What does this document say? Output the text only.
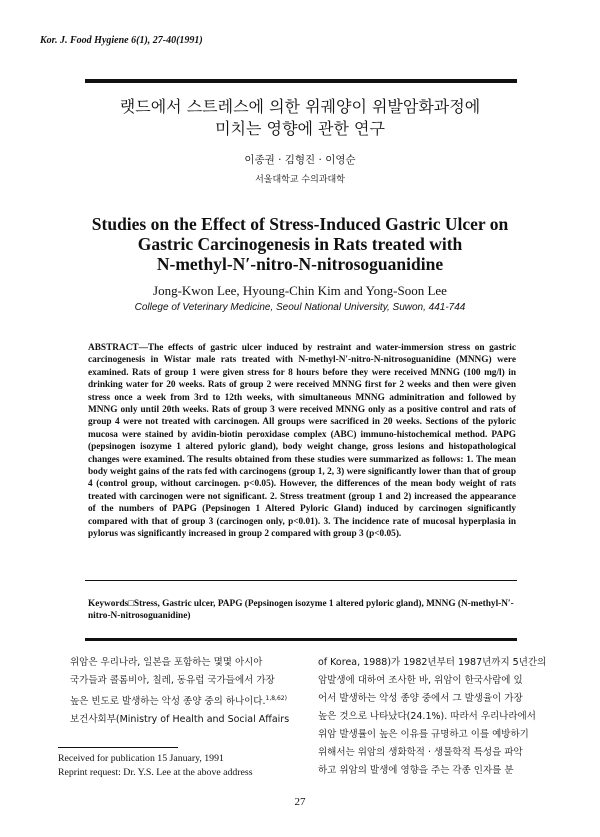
Kor. J. Food Hygiene 6(1), 27-40(1991)
랫드에서 스트레스에 의한 위궤양이 위발암화과정에
미치는 영향에 관한 연구
이종권 · 김형진 · 이영순
서울대학교 수의과대학
Studies on the Effect of Stress-Induced Gastric Ulcer on
Gastric Carcinogenesis in Rats treated with
N-methyl-N′-nitro-N-nitrosoguanidine
Jong-Kwon Lee, Hyoung-Chin Kim and Yong-Soon Lee
College of Veterinary Medicine, Seoul National University, Suwon, 441-744
ABSTRACT—The effects of gastric ulcer induced by restraint and water-immersion stress on gastric carcinogenesis in Wistar male rats treated with N-methyl-N′-nitro-N-nitrosoguanidine (MNNG) were examined. Rats of group 1 were given stress for 8 hours before they were received MNNG (100 mg/l) in drinking water for 20 weeks. Rats of group 2 were received MNNG first for 2 weeks and then were given stress once a week from 3rd to 12th weeks, with simultaneous MNNG adminitration and followed by MNNG only until 20th weeks. Rats of group 3 were received MNNG only as a positive control and rats of group 4 were not treated with carcinogen. All groups were sacrificed in 20 weeks. Sections of the pyloric mucosa were stained by avidin-biotin peroxidase complex (ABC) immuno-histochemical method. PAPG (pepsinogen isozyme 1 altered pyloric gland), body weight change, gross lesions and histopathological changes were examined. The results obtained from these studies were summarized as follows: 1. The mean body weight gains of the rats fed with carcinogens (group 1, 2, 3) were significantly lower than that of group 4 (control group, without carcinogen. p<0.05). However, the differences of the mean body weight of rats treated with carcinogen were not significant. 2. Stress treatment (group 1 and 2) increased the appearance of the numbers of PAPG (Pepsinogen 1 Altered Pyloric Gland) induced by carcinogen significantly compared with that of group 3 (carcinogen only, p<0.01). 3. The incidence rate of mucosal hyperplasia in pylorus was significantly increased in group 2 compared with group 3 (p<0.05).
Keywords□Stress, Gastric ulcer, PAPG (Pepsinogen isozyme 1 altered pyloric gland), MNNG (N-methyl-N′-nitro-N-nitrosoguanidine)
위암은 우리나라, 일본을 포함하는 몇몇 아시아
국가들과 콜롬비아, 칠레, 동유럽 국가들에서 가장
높은 빈도로 발생하는 악성 종양 중의 하나이다.$^{1,8,62)}$
보건사회부(Ministry of Health and Social Affairs
of Korea, 1988)가 1982년부터 1987년까지 5년간의
암발생에 대하여 조사한 바, 위암이 한국사람에 있
어서 발생하는 악성 종양 중에서 그 발생율이 가장
높은 것으로 나타났다(24.1%). 따라서 우리나라에서
위암 발생률이 높은 이유를 규명하고 이를 예방하기
위해서는 위암의 생화학적 · 생물학적 특성을 파악
하고 위암의 발생에 영향을 주는 각종 인자를 분
Received for publication 15 January, 1991
Reprint request: Dr. Y.S. Lee at the above address
27
